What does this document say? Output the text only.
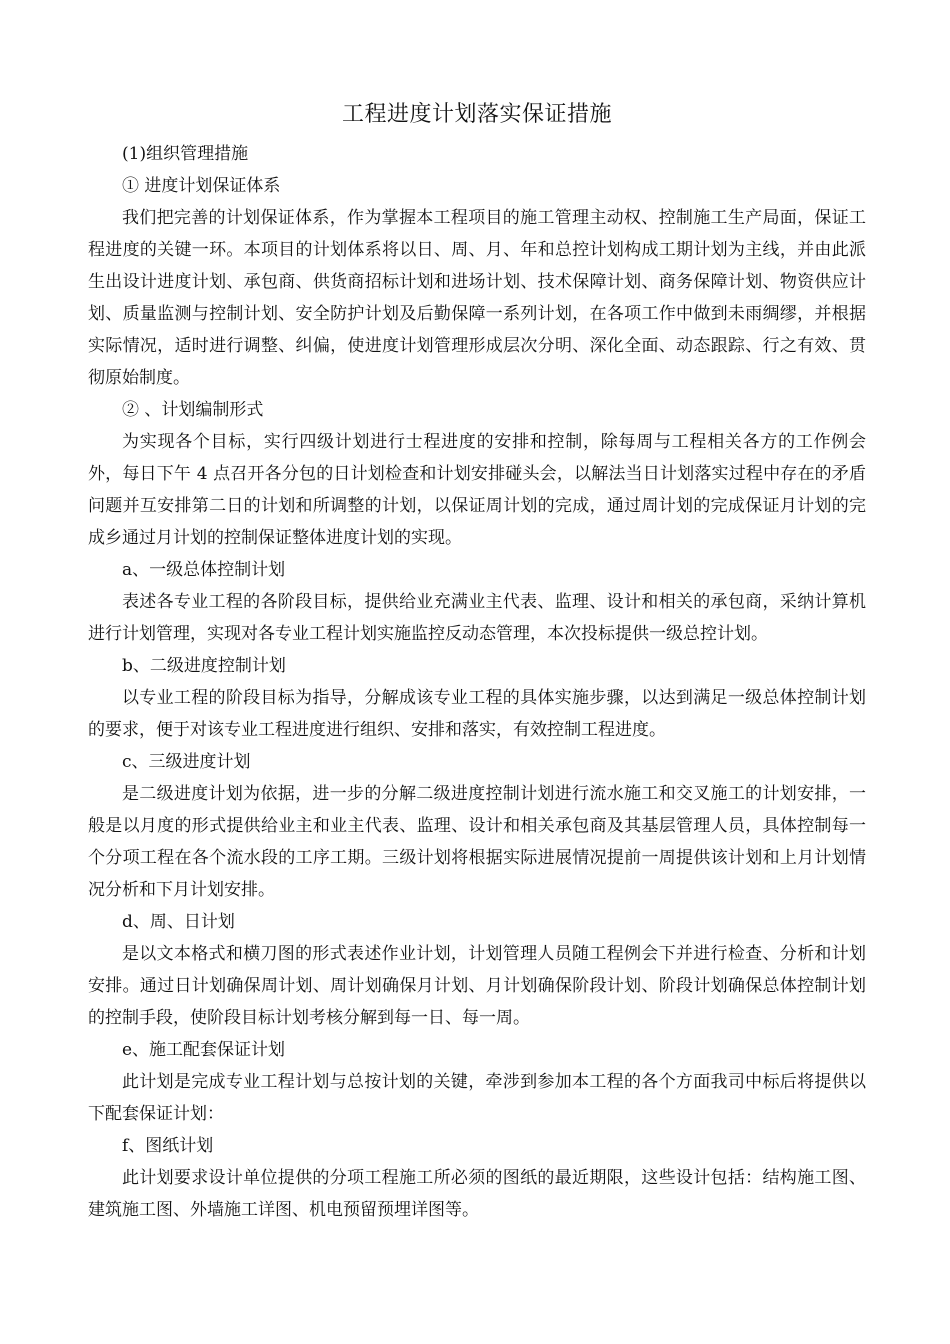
工程进度计划落实保证措施

(1)组织管理措施

① 进度计划保证体系

我们把完善的计划保证体系，作为掌握本工程项目的施工管理主动权、控制施工生产局面，保证工程进度的关键一环。本项目的计划体系将以日、周、月、年和总控计划构成工期计划为主线，并由此派生出设计进度计划、承包商、供货商招标计划和进场计划、技术保障计划、商务保障计划、物资供应计划、质量监测与控制计划、安全防护计划及后勤保障一系列计划，在各项工作中做到未雨绸缪，并根据实际情况，适时进行调整、纠偏，使进度计划管理形成层次分明、深化全面、动态跟踪、行之有效、贯彻原始制度。

② 、计划编制形式

为实现各个目标，实行四级计划进行士程进度的安排和控制，除每周与工程相关各方的工作例会外，每日下午 4 点召开各分包的日计划检查和计划安排碰头会，以解法当日计划落实过程中存在的矛盾问题并互安排第二日的计划和所调整的计划，以保证周计划的完成，通过周计划的完成保证月计划的完成乡通过月计划的控制保证整体进度计划的实现。

a、一级总体控制计划

表述各专业工程的各阶段目标，提供给业充满业主代表、监理、设计和相关的承包商，采纳计算机进行计划管理，实现对各专业工程计划实施监控反动态管理，本次投标提供一级总控计划。

b、二级进度控制计划

以专业工程的阶段目标为指导，分解成该专业工程的具体实施步骤，以达到满足一级总体控制计划的要求，便于对该专业工程进度进行组织、安排和落实，有效控制工程进度。

c、三级进度计划

是二级进度计划为依据，进一步的分解二级进度控制计划进行流水施工和交叉施工的计划安排，一般是以月度的形式提供给业主和业主代表、监理、设计和相关承包商及其基层管理人员，具体控制每一个分项工程在各个流水段的工序工期。三级计划将根据实际进展情况提前一周提供该计划和上月计划情况分析和下月计划安排。

d、周、日计划

是以文本格式和横刀图的形式表述作业计划，计划管理人员随工程例会下并进行检查、分析和计划安排。通过日计划确保周计划、周计划确保月计划、月计划确保阶段计划、阶段计划确保总体控制计划的控制手段，使阶段目标计划考核分解到每一日、每一周。

e、施工配套保证计划

此计划是完成专业工程计划与总按计划的关键，牵涉到参加本工程的各个方面我司中标后将提供以下配套保证计划：

f、图纸计划

此计划要求设计单位提供的分项工程施工所必须的图纸的最近期限，这些设计包括：结构施工图、建筑施工图、外墙施工详图、机电预留预埋详图等。
